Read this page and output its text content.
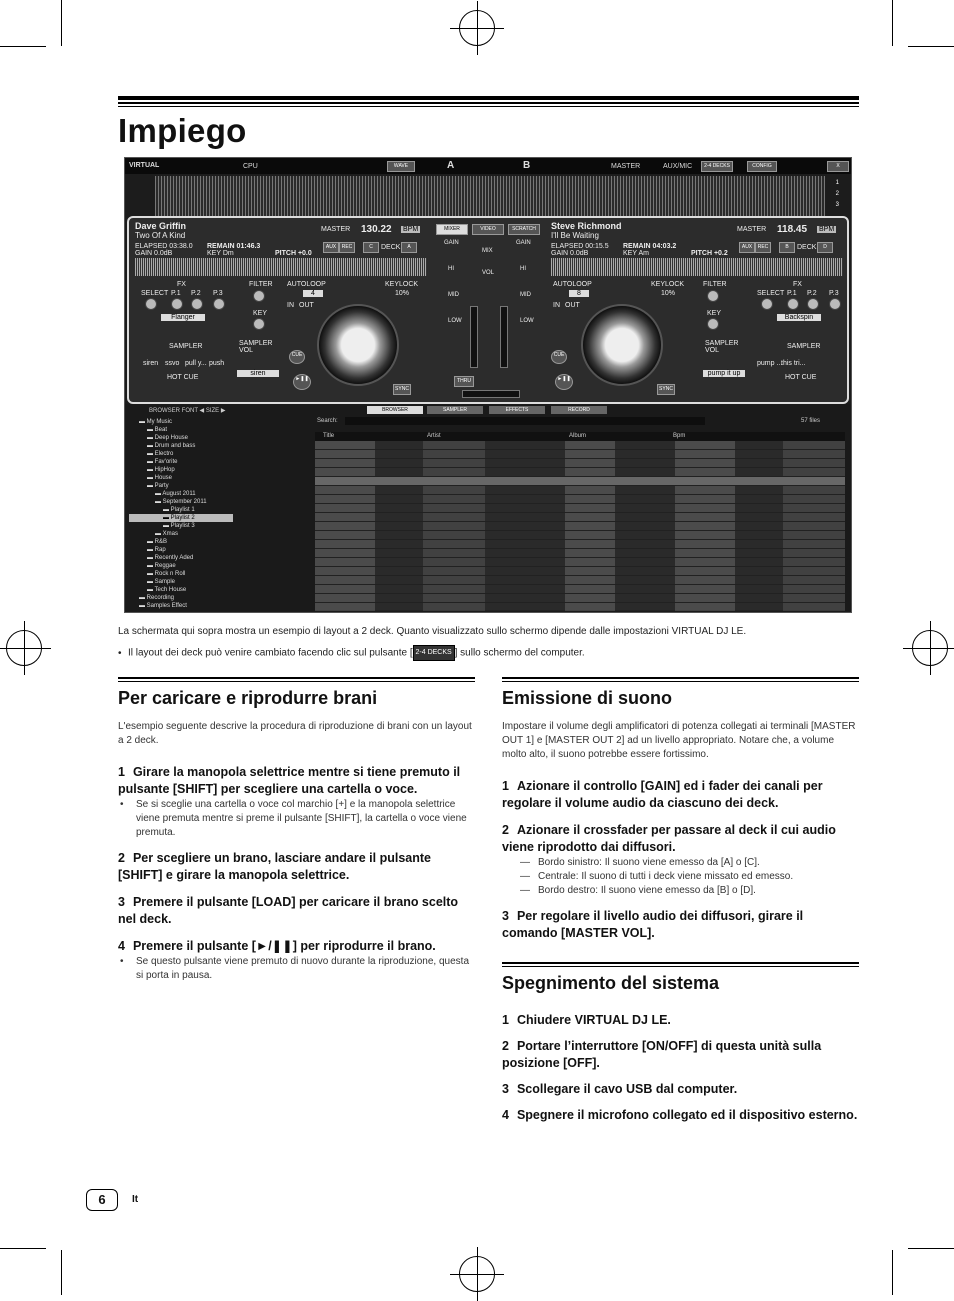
Impiego
VIRTUAL	CPU	WAVE	A	B	MASTER	AUX/MIC	2-4 DECKS	CONFIG	X
1
2
3
Dave Griffin
Two Of A Kind
MASTER 130.22 BPM
ELAPSED 03:38.0 REMAIN 01:46.3
GAIN 0.0dB	KEY Dm	PITCH +0.0
AUX	REC	C	DECK	A
FX
SELECT P.1 P.2 P.3
Flanger
FILTER
KEY
AUTOLOOP
4
KEYLOCK
10%
IN OUT
SAMPLER
siren ssvo pull y... push
SAMPLER VOL
siren
HOT CUE
CUE
►❚❚
SYNC
MIXER	VIDEO	SCRATCH
GAIN	GAIN
MIX
VOL
HI	HI
MID	MID
LOW	LOW
THRU
Steve Richmond
I'll Be Waiting
MASTER 118.45 BPM
ELAPSED 00:15.5 REMAIN 04:03.2
GAIN 0.0dB	KEY Am	PITCH +0.2
AUX	REC	B	DECK	D
AUTOLOOP
8
IN OUT
KEYLOCK
10%
FILTER
KEY
FX
SELECT P.1 P.2 P.3
Backspin
SAMPLER VOL
pump it up
SAMPLER
pump ...
this tri...
HOT CUE
CUE
►❚❚
SYNC
BROWSER FONT ◀ SIZE ▶	BROWSER	SAMPLER	EFFECTS	RECORD
Search:	57 files
▬ My Music
▬ Beat
▬ Deep House
▬ Drum and bass
▬ Electro
▬ Fav'orite
▬ HipHop
▬ House
▬ Party
▬ August 2011
▬ September 2011
▬ Playlist 1
▬ Playlist 2
▬ Playlist 3
▬ Xmas
▬ R&B
▬ Rap
▬ Recently Aded
▬ Reggae
▬ Rock n Roll
▬ Sample
▬ Tech House
▬ Recording
▬ Samples Effect
Title	Artist	Album	Bpm
La schermata qui sopra mostra un esempio di layout a 2 deck. Quanto visualizzato sullo schermo dipende dalle impostazioni VIRTUAL DJ LE.
• Il layout dei deck può venire cambiato facendo clic sul pulsante [ 2-4 DECKS ] sullo schermo del computer.
Per caricare e riprodurre brani

L'esempio seguente descrive la procedura di riproduzione di brani con un layout a 2 deck.

1 Girare la manopola selettrice mentre si tiene premuto il pulsante [SHIFT] per scegliere una cartella o voce.

• Se si sceglie una cartella o voce col marchio [+] e la manopola selettrice viene premuta mentre si preme il pulsante [SHIFT], la cartella o voce viene premuta.

2 Per scegliere un brano, lasciare andare il pulsante [SHIFT] e girare la manopola selettrice.

3 Premere il pulsante [LOAD] per caricare il brano scelto nel deck.

4 Premere il pulsante [►/❚❚] per riprodurre il brano.

• Se questo pulsante viene premuto di nuovo durante la riproduzione, questa si porta in pausa.

Emissione di suono

Impostare il volume degli amplificatori di potenza collegati ai terminali [MASTER OUT 1] e [MASTER OUT 2] ad un livello appropriato. Notare che, a volume molto alto, il suono potrebbe essere fortissimo.

1 Azionare il controllo [GAIN] ed i fader dei canali per regolare il volume audio da ciascuno dei deck.

2 Azionare il crossfader per passare al deck il cui audio viene riprodotto dai diffusori.

— Bordo sinistro: Il suono viene emesso da [A] o [C].

— Centrale: Il suono di tutti i deck viene missato ed emesso.

— Bordo destro: Il suono viene emesso da [B] o [D].

3 Per regolare il livello audio dei diffusori, girare il comando [MASTER VOL].

Spegnimento del sistema

1 Chiudere VIRTUAL DJ LE.

2 Portare l’interruttore [ON/OFF] di questa unità sulla posizione [OFF].

3 Scollegare il cavo USB dal computer.

4 Spegnere il microfono collegato ed il dispositivo esterno.

6	It
